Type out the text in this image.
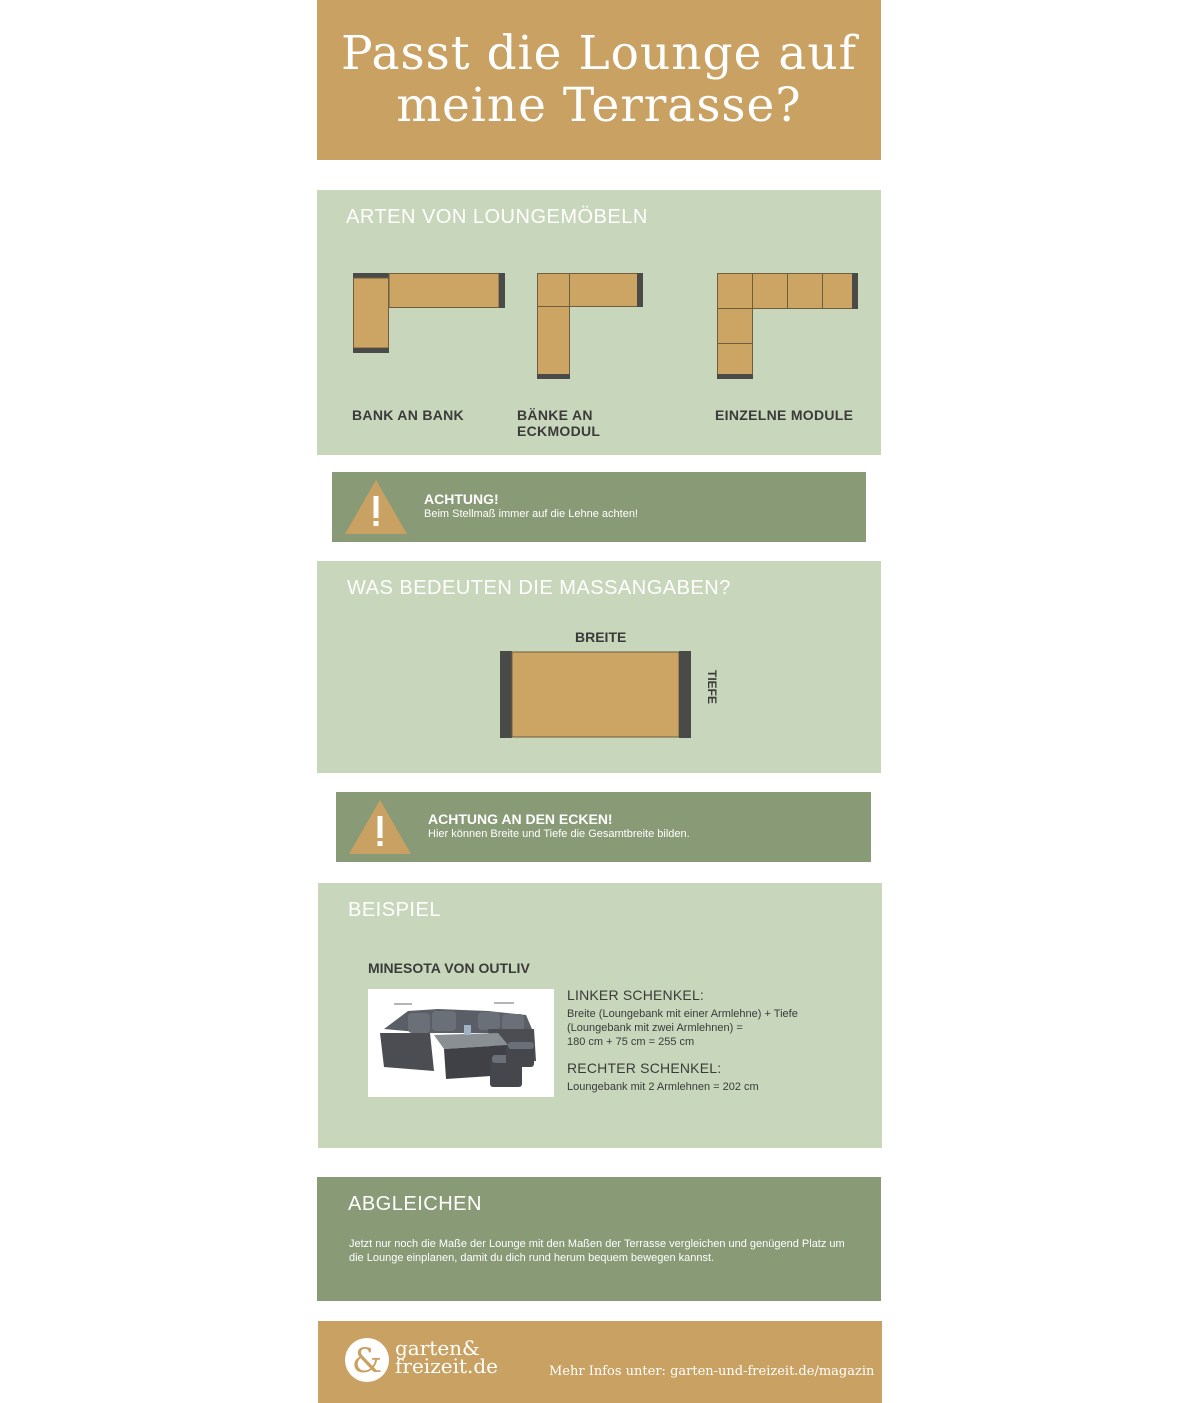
Passt die Lounge auf
meine Terrasse?
ARTEN VON LOUNGEMÖBELN
BANK AN BANK	BÄNKE AN ECKMODUL
EINZELNE MODULE
ACHTUNG!
Beim Stellmaß immer auf die Lehne achten!
WAS BEDEUTEN DIE MASSANGABEN?
BREITE
TIEFE
ACHTUNG AN DEN ECKEN!
Hier können Breite und Tiefe die Gesamtbreite bilden.
BEISPIEL
MINESOTA VON OUTLIV
LINKER SCHENKEL:
Breite (Loungebank mit einer Armlehne) + Tiefe (Loungebank mit zwei Armlehnen) =
180 cm + 75 cm = 255 cm
RECHTER SCHENKEL:
Loungebank mit 2 Armlehnen = 202 cm
ABGLEICHEN
Jetzt nur noch die Maße der Lounge mit den Maßen der Terrasse vergleichen und genügend Platz um die Lounge einplanen, damit du dich rund herum bequem bewegen kannst.
& garten&
freizeit.de	Mehr Infos unter: garten-und-freizeit.de/magazin
